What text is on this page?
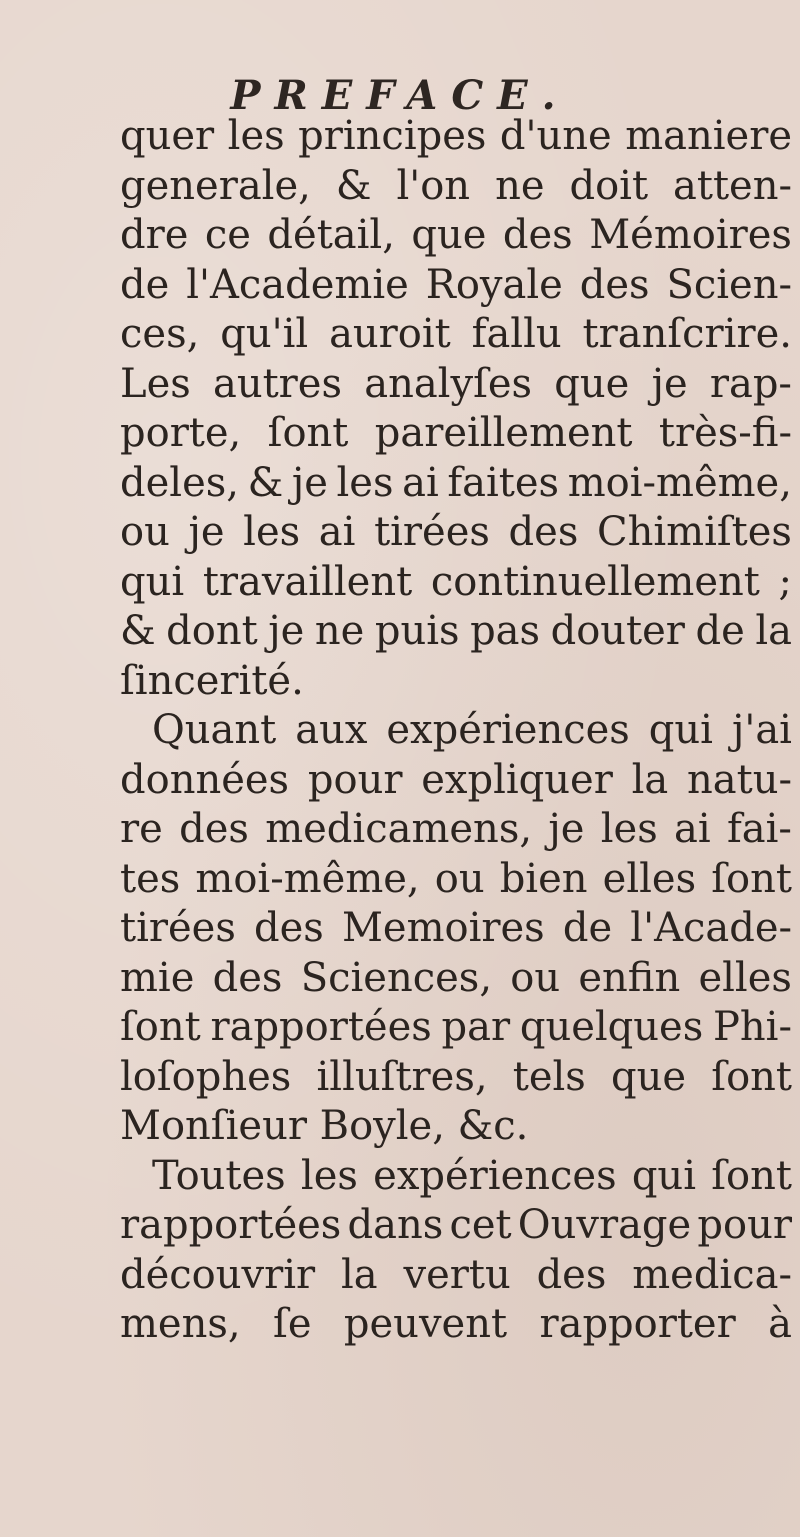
PREFACE.
quer les principes d'une maniere
generale, & l'on ne doit atten-
dre ce détail, que des Mémoires
de l'Academie Royale des Scien-
ces, qu'il auroit fallu tranſcrire.
Les autres analyſes que je rap-
porte, ſont pareillement très-fi-
deles, & je les ai faites moi-même,
ou je les ai tirées des Chimiſtes
qui travaillent continuellement ;
& dont je ne puis pas douter de la
ſincerité.
Quant aux expériences qui j'ai
données pour expliquer la natu-
re des medicamens, je les ai fai-
tes moi-même, ou bien elles ſont
tirées des Memoires de l'Acade-
mie des Sciences, ou enfin elles
ſont rapportées par quelques Phi-
loſophes illuſtres, tels que ſont
Monſieur Boyle, &c.
Toutes les expériences qui ſont
rapportées dans cet Ouvrage pour
découvrir la vertu des medica-
mens, ſe peuvent rapporter à
